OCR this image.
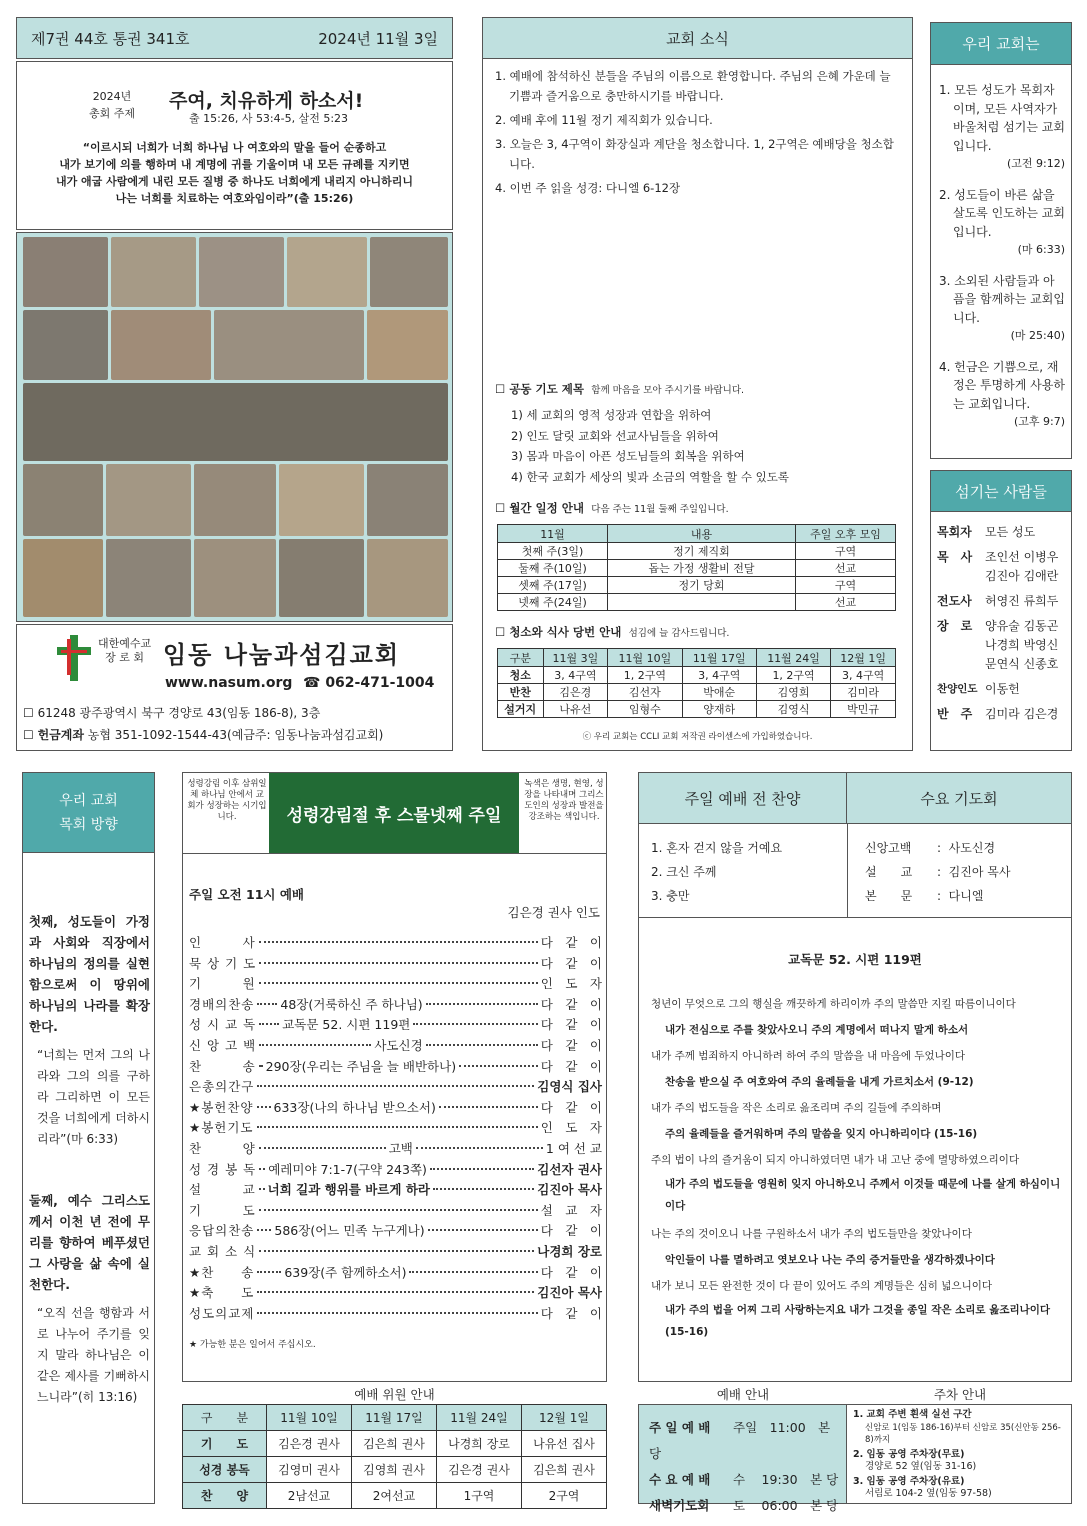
제7권 44호 통권 341호	2024년 11월 3일
2024년
총회 주제
주여, 치유하게 하소서!
출 15:26, 사 53:4-5, 살전 5:23
“이르시되 너희가 너희 하나님 나 여호와의 말을 들어 순종하고
내가 보기에 의를 행하며 내 계명에 귀를 기울이며 내 모든 규례를 지키면
내가 애굽 사람에게 내린 모든 질병 중 하나도 너희에게 내리지 아니하리니
나는 너희를 치료하는 여호와임이라”(출 15:26)
대한예수교
장 로 회 임동 나눔과섬김교회
www.nasum.org ☎ 062-471-1004
☐ 61248 광주광역시 북구 경양로 43(임동 186-8), 3층
☐ 헌금계좌 농협 351-1092-1544-43(예금주: 임동나눔과섬김교회)
교회 소식
1. 예배에 참석하신 분들을 주님의 이름으로 환영합니다. 주님의 은혜 가운데 늘 기쁨과 즐거움으로 충만하시기를 바랍니다.
2. 예배 후에 11월 정기 제직회가 있습니다.
3. 오늘은 3, 4구역이 화장실과 계단을 청소합니다. 1, 2구역은 예배당을 청소합니다.
4. 이번 주 읽을 성경: 다니엘 6-12장
☐ 공동 기도 제목 함께 마음을 모아 주시기를 바랍니다.
1) 세 교회의 영적 성장과 연합을 위하여
2) 인도 달릿 교회와 선교사님들을 위하여
3) 몸과 마음이 아픈 성도님들의 회복을 위하여
4) 한국 교회가 세상의 빛과 소금의 역할을 할 수 있도록
☐ 월간 일정 안내 다음 주는 11월 둘째 주일입니다.
11월	내용	주일 오후 모임
첫째 주(3일)	정기 제직회	구역
둘째 주(10일)	돕는 가정 생활비 전달	선교
셋째 주(17일)	정기 당회	구역
넷째 주(24일)		선교
☐ 청소와 식사 당번 안내 섬김에 늘 감사드립니다.
구분	11월 3일	11월 10일	11월 17일	11월 24일	12월 1일
청소	3, 4구역	1, 2구역	3, 4구역	1, 2구역	3, 4구역
반찬	김은경	김선자	박애순	김영희	김미라
설거지	나유선	임형수	양재하	김영식	박민규
ⓒ 우리 교회는 CCLI 교회 저작권 라이센스에 가입하였습니다.
우리 교회는
1. 모든 성도가 목회자이며, 모든 사역자가 바울처럼 섬기는 교회입니다.
(고전 9:12)
2. 성도들이 바른 삶을 살도록 인도하는 교회입니다.
(마 6:33)
3. 소외된 사람들과 아픔을 함께하는 교회입니다.
(마 25:40)
4. 헌금은 기쁨으로, 재정은 투명하게 사용하는 교회입니다.
(고후 9:7)
섬기는 사람들
목회자	모든 성도
목　사	조인선 이병우
김진아 김애란
전도사	허영진 류희두
장　로	양유술 김동곤
나경희 박영신
문연식 신종호
찬양인도 이동헌
반　주	김미라 김은경
우리 교회
목회 방향
첫째, 성도들이 가정과 사회와 직장에서 하나님의 정의를 실현함으로써 이 땅위에 하나님의 나라를 확장한다.
“너희는 먼저 그의 나라와 그의 의를 구하라 그리하면 이 모든 것을 너희에게 더하시리라”(마 6:33)
둘째, 예수 그리스도께서 이천 년 전에 무리를 향하여 베푸셨던 그 사랑을 삶 속에 실천한다.
“오직 선을 행함과 서로 나누어 주기를 잊지 말라 하나님은 이 같은 제사를 기뻐하시느니라”(히 13:16)
성령강림 이후 삼위일체 하나님 안에서 교회가 성장하는 시기입니다.	성령강림절 후 스물넷째 주일
녹색은 생명, 현영, 성장을 나타내며 그리스도인의 성장과 발전을 강조하는 색입니다.
주일 오전 11시 예배
김은경 권사 인도
인　　　사	다　같　이
묵 상 기 도	다　같　이
기　　　원	인　도　자
경배의찬송 48장(거룩하신 주 하나님)	다　같　이
성 시 교 독 교독문 52. 시편 119편	다　같　이
신 앙 고 백	사도신경	다　같　이
찬　　　송 290장(우리는 주님을 늘 배반하나)	다　같　이
은총의간구	김영식 집사
★봉헌찬양 633장(나의 하나님 받으소서)	다　같　이
★봉헌기도	인　도　자
찬　　　양	고백	1 여 선 교
성 경 봉 독 예레미야 7:1-7(구약 243쪽)	김선자 권사
설　　　교 너희 길과 행위를 바르게 하라	김진아 목사
기　　　도	설　교　자
응답의찬송 586장(어느 민족 누구게나)	다　같　이
교 회 소 식	나경희 장로
★찬　　송 639장(주 함께하소서)	다　같　이
★축　　도	김진아 목사
성도의교제	다　같　이
★ 가능한 분은 일어서 주십시오.
예배 위원 안내
구　　분	11월 10일	11월 17일	11월 24일	12월 1일
기　　도	김은경 권사	김은희 권사	나경희 장로	나유선 집사
성경 봉독	김영미 권사	김영희 권사	김은경 권사	김은희 권사
찬　　양	2남선교	2여선교	1구역	2구역
주일 예배 전 찬양	수요 기도회
1. 혼자 걷지 않을 거예요
2. 크신 주께
3. 충만
신앙고백 :  사도신경
설　　교 :  김진아 목사
본　　문 :  다니엘
교독문 52. 시편 119편
청년이 무엇으로 그의 행실을 깨끗하게 하리이까 주의 말씀만 지킬 따름이니이다
내가 전심으로 주를 찾았사오니 주의 계명에서 떠나지 말게 하소서
내가 주께 범죄하지 아니하려 하여 주의 말씀을 내 마음에 두었나이다
찬송을 받으실 주 여호와여 주의 율례들을 내게 가르치소서 (9-12)
내가 주의 법도들을 작은 소리로 읊조리며 주의 길들에 주의하며
주의 율례들을 즐거워하며 주의 말씀을 잊지 아니하리이다 (15-16)
주의 법이 나의 즐거움이 되지 아니하였더면 내가 내 고난 중에 멸망하였으리이다
내가 주의 법도들을 영원히 잊지 아니하오니 주께서 이것들 때문에 나를 살게 하심이니이다
나는 주의 것이오니 나를 구원하소서 내가 주의 법도들만을 찾았나이다
악인들이 나를 멸하려고 엿보오나 나는 주의 증거들만을 생각하겠나이다
내가 보니 모든 완전한 것이 다 끝이 있어도 주의 계명들은 심히 넓으니이다
내가 주의 법을 어찌 그리 사랑하는지요 내가 그것을 종일 작은 소리로 읊조리나이다 (15-16)
예배 안내	주차 안내
주 일 예 배 주일　11:00　본 당
수 요 예 배 수　 19:30　본 당
새벽기도회 토　 06:00　본 당
1. 교회 주변 흰색 실선 구간
신암로 1(임동 186-16)부터 신암로 35(신안동 256-8)까지
2. 임동 공영 주차장(무료)
경양로 52 옆(임동 31-16)
3. 임동 공영 주차장(유료)
서림로 104-2 옆(임동 97-58)
